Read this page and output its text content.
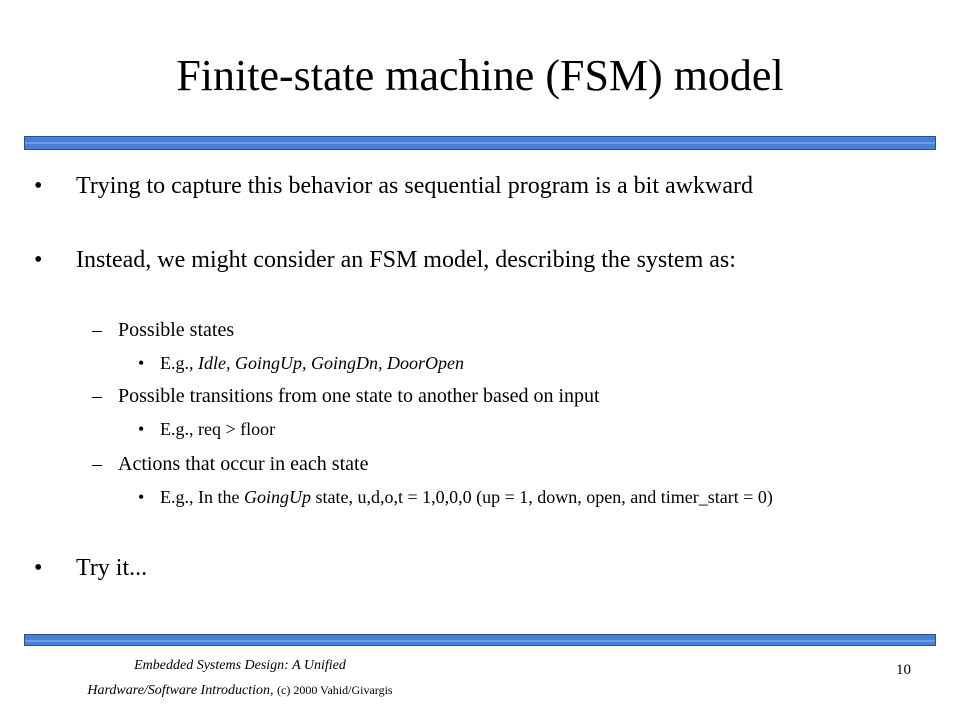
Finite-state machine (FSM) model
• Trying to capture this behavior as sequential program is a bit awkward
• Instead, we might consider an FSM model, describing the system as:
– Possible states
• E.g., Idle, GoingUp, GoingDn, DoorOpen
– Possible transitions from one state to another based on input
• E.g., req > floor
– Actions that occur in each state
• E.g., In the GoingUp state, u,d,o,t = 1,0,0,0 (up = 1, down, open, and timer_start = 0)
• Try it...
Embedded Systems Design: A Unified
Hardware/Software Introduction, (c) 2000 Vahid/Givargis
10
